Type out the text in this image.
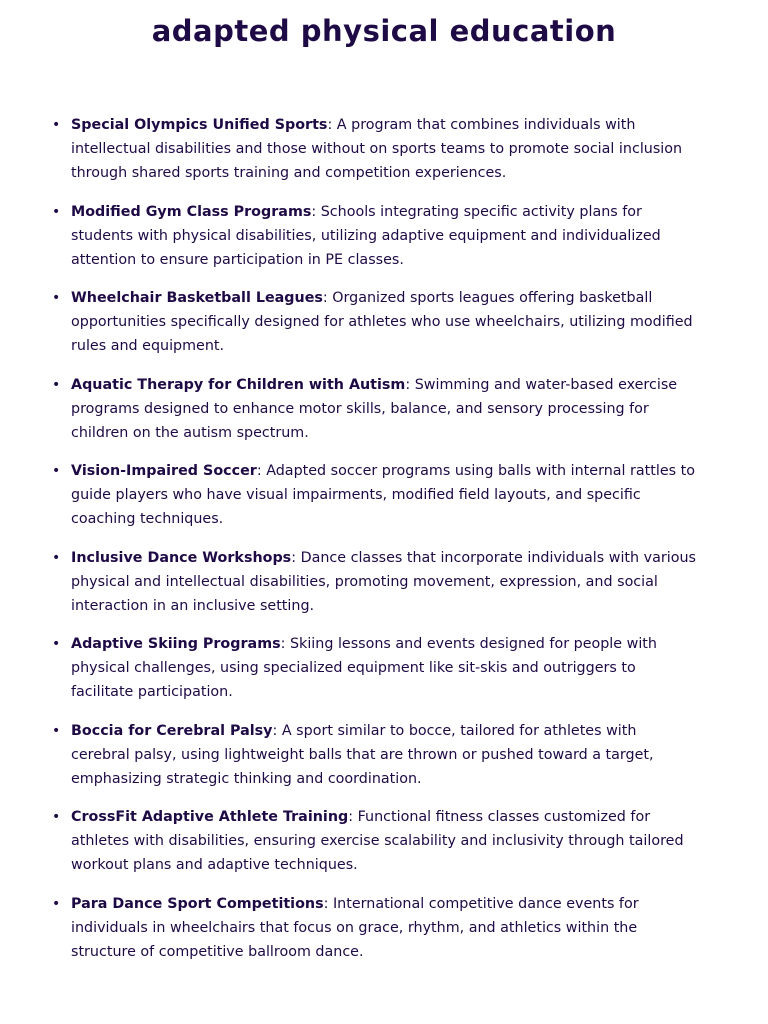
adapted physical education
• Special Olympics Unified Sports: A program that combines individuals with intellectual disabilities and those without on sports teams to promote social inclusion through shared sports training and competition experiences.
• Modified Gym Class Programs: Schools integrating specific activity plans for students with physical disabilities, utilizing adaptive equipment and individualized attention to ensure participation in PE classes.
• Wheelchair Basketball Leagues: Organized sports leagues offering basketball opportunities specifically designed for athletes who use wheelchairs, utilizing modified rules and equipment.
• Aquatic Therapy for Children with Autism: Swimming and water-based exercise programs designed to enhance motor skills, balance, and sensory processing for children on the autism spectrum.
• Vision-Impaired Soccer: Adapted soccer programs using balls with internal rattles to guide players who have visual impairments, modified field layouts, and specific coaching techniques.
• Inclusive Dance Workshops: Dance classes that incorporate individuals with various physical and intellectual disabilities, promoting movement, expression, and social interaction in an inclusive setting.
• Adaptive Skiing Programs: Skiing lessons and events designed for people with physical challenges, using specialized equipment like sit-skis and outriggers to facilitate participation.
• Boccia for Cerebral Palsy: A sport similar to bocce, tailored for athletes with cerebral palsy, using lightweight balls that are thrown or pushed toward a target, emphasizing strategic thinking and coordination.
• CrossFit Adaptive Athlete Training: Functional fitness classes customized for athletes with disabilities, ensuring exercise scalability and inclusivity through tailored workout plans and adaptive techniques.
• Para Dance Sport Competitions: International competitive dance events for individuals in wheelchairs that focus on grace, rhythm, and athletics within the structure of competitive ballroom dance.
